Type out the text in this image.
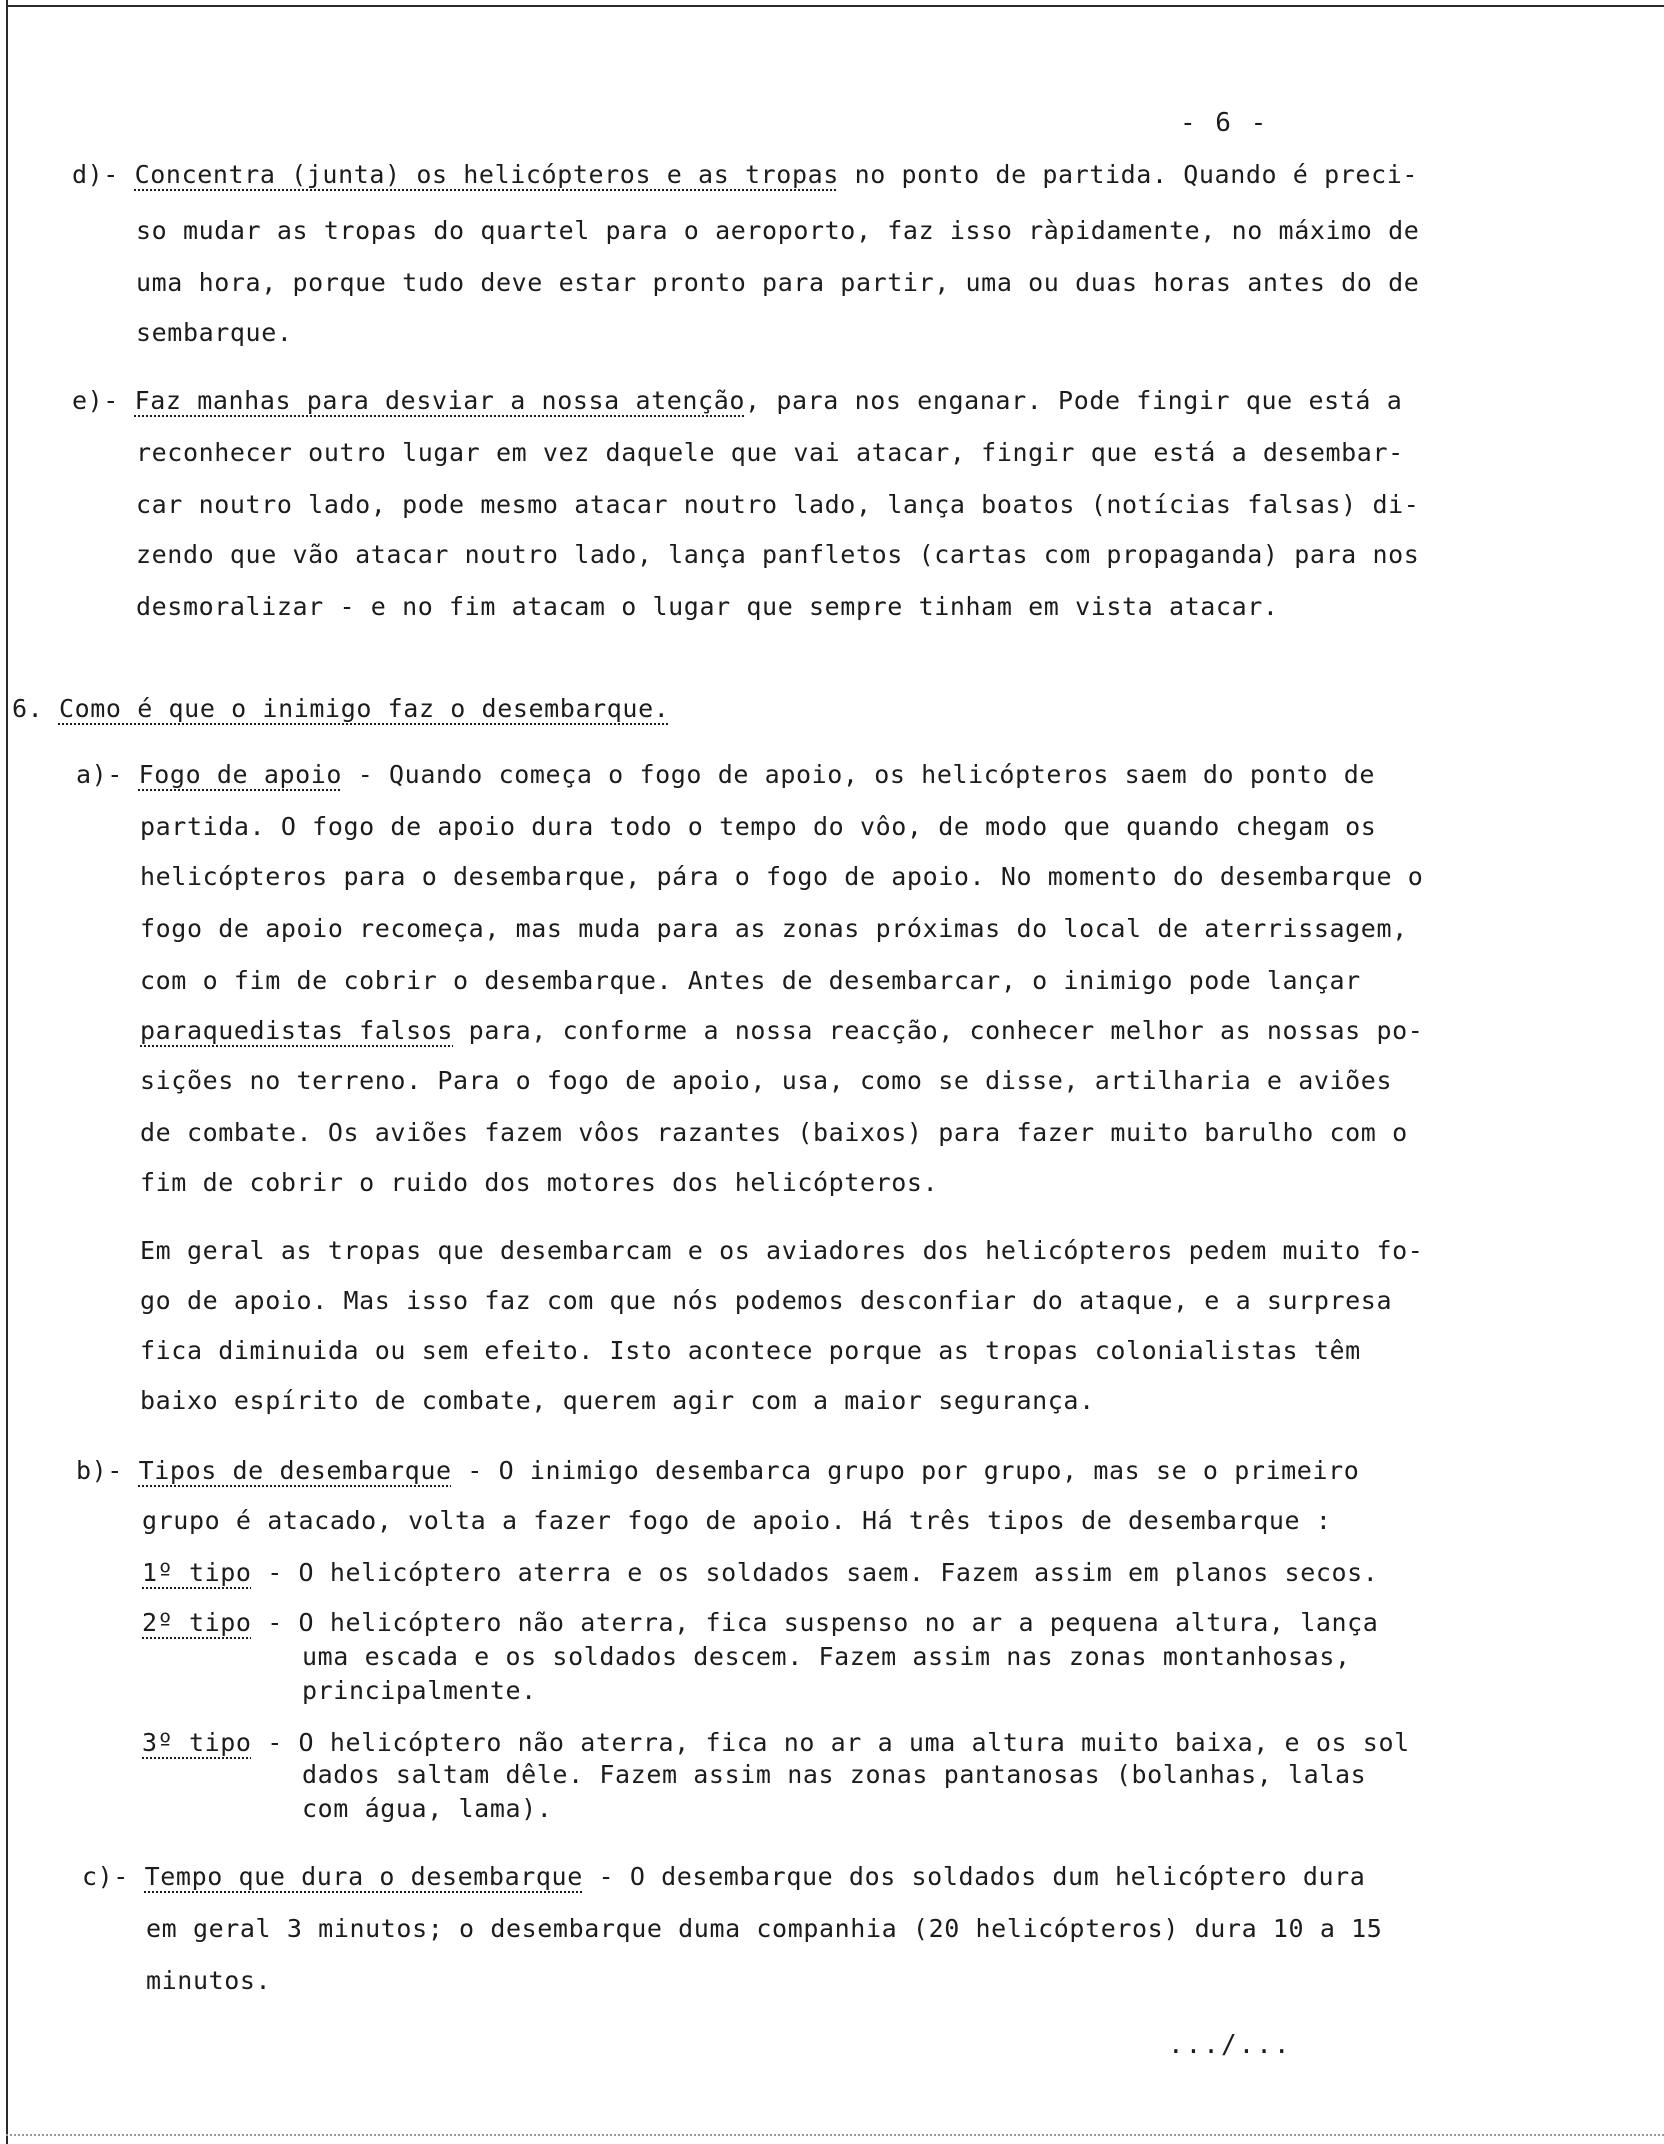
- 6 -
d)- Concentra (junta) os helicópteros e as tropas no ponto de partida. Quando é preci-
so mudar as tropas do quartel para o aeroporto, faz isso ràpidamente, no máximo de
uma hora, porque tudo deve estar pronto para partir, uma ou duas horas antes do de
sembarque.
e)- Faz manhas para desviar a nossa atenção, para nos enganar. Pode fingir que está a
reconhecer outro lugar em vez daquele que vai atacar, fingir que está a desembar-
car noutro lado, pode mesmo atacar noutro lado, lança boatos (notícias falsas) di-
zendo que vão atacar noutro lado, lança panfletos (cartas com propaganda) para nos
desmoralizar - e no fim atacam o lugar que sempre tinham em vista atacar.
6. Como é que o inimigo faz o desembarque.
a)- Fogo de apoio - Quando começa o fogo de apoio, os helicópteros saem do ponto de
partida. O fogo de apoio dura todo o tempo do vôo, de modo que quando chegam os
helicópteros para o desembarque, pára o fogo de apoio. No momento do desembarque o
fogo de apoio recomeça, mas muda para as zonas próximas do local de aterrissagem,
com o fim de cobrir o desembarque. Antes de desembarcar, o inimigo pode lançar
paraquedistas falsos para, conforme a nossa reacção, conhecer melhor as nossas po-
sições no terreno. Para o fogo de apoio, usa, como se disse, artilharia e aviões
de combate. Os aviões fazem vôos razantes (baixos) para fazer muito barulho com o
fim de cobrir o ruido dos motores dos helicópteros.
Em geral as tropas que desembarcam e os aviadores dos helicópteros pedem muito fo-
go de apoio. Mas isso faz com que nós podemos desconfiar do ataque, e a surpresa
fica diminuida ou sem efeito. Isto acontece porque as tropas colonialistas têm
baixo espírito de combate, querem agir com a maior segurança.
b)- Tipos de desembarque - O inimigo desembarca grupo por grupo, mas se o primeiro
grupo é atacado, volta a fazer fogo de apoio. Há três tipos de desembarque :
1º tipo - O helicóptero aterra e os soldados saem. Fazem assim em planos secos.
2º tipo - O helicóptero não aterra, fica suspenso no ar a pequena altura, lança
uma escada e os soldados descem. Fazem assim nas zonas montanhosas,
principalmente.
3º tipo - O helicóptero não aterra, fica no ar a uma altura muito baixa, e os sol
dados saltam dêle. Fazem assim nas zonas pantanosas (bolanhas, lalas
com água, lama).
c)- Tempo que dura o desembarque - O desembarque dos soldados dum helicóptero dura
em geral 3 minutos; o desembarque duma companhia (20 helicópteros) dura 10 a 15
minutos.
.../...
